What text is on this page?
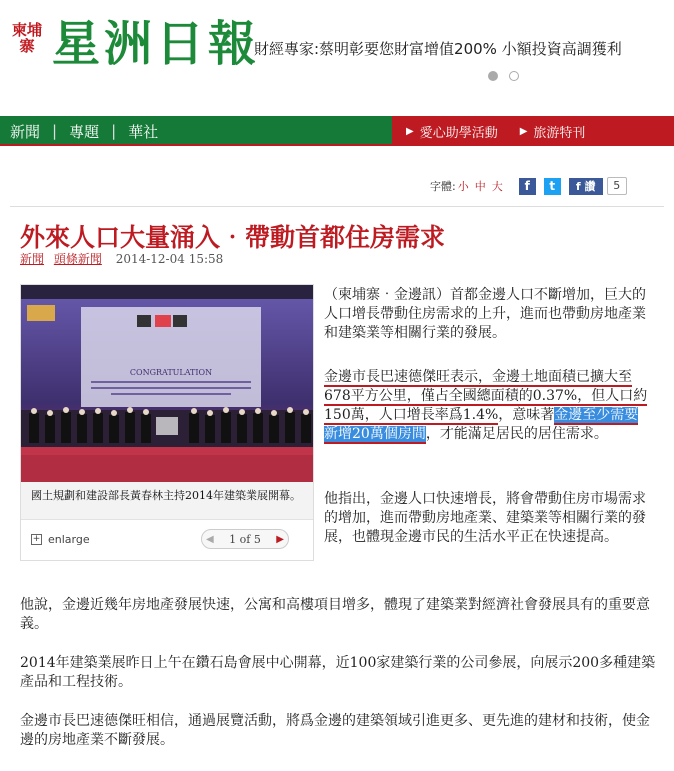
柬埔寨 星洲日報
財經專家:蔡明彰要您財富增值200% 小額投資高調獲利

新聞 | 專題 | 華社	▶ 愛心助學活動 ▶ 旅游特刊
字體: 小 中 大	f	t	f 讚	5
外來人口大量涌入‧帶動首都住房需求
新聞 頭條新聞 2014-12-04 15:58
CONGRATULATION
國土規劃和建設部長黃春林主持2014年建築業展開幕。
+ enlarge	◀ 1 of 5 ▶

（柬埔寨‧金邊訊）首都金邊人口不斷增加，巨大的人口增長帶動住房需求的上升，進而也帶動房地產業和建築業等相關行業的發展。

金邊市長巴速德傑旺表示，金邊土地面積已擴大至678平方公里，僅占全國總面積的0.37%，但人口約150萬，人口增長率爲1.4%，意味著金邊至少需要新增20萬個房間，才能滿足居民的居住需求。

他指出，金邊人口快速增長，將會帶動住房市場需求的增加，進而帶動房地產業、建築業等相關行業的發展，也體現金邊市民的生活水平正在快速提高。

他說，金邊近幾年房地產發展快速，公寓和高樓項目增多，體現了建築業對經濟社會發展具有的重要意義。

2014年建築業展昨日上午在鑽石島會展中心開幕，近100家建築行業的公司參展，向展示200多種建築產品和工程技術。

金邊市長巴速德傑旺相信，通過展覽活動，將爲金邊的建築領域引進更多、更先進的建材和技術，使金邊的房地產業不斷發展。
